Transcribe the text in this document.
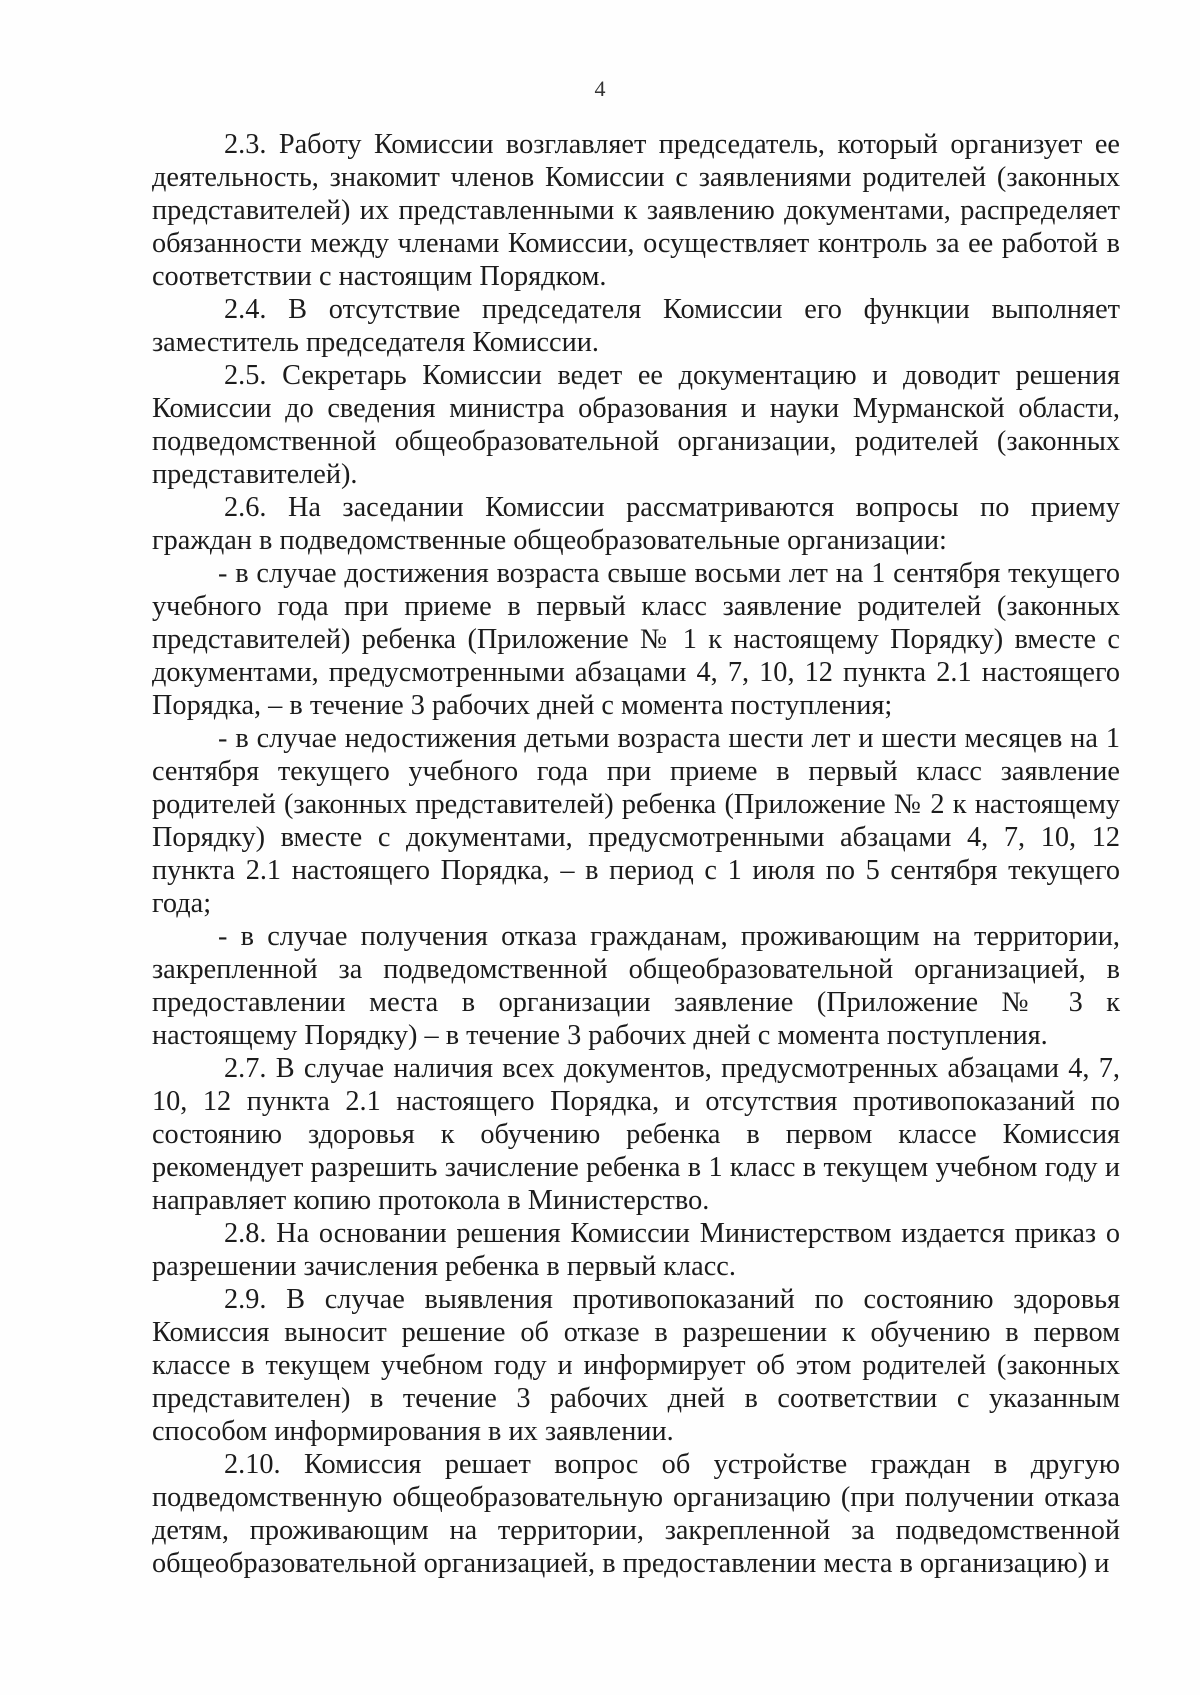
4

2.3. Работу Комиссии возглавляет председатель, который организует ее деятельность, знакомит членов Комиссии с заявлениями родителей (законных представителей) их представленными к заявлению документами, распределяет обязанности между членами Комиссии, осуществляет контроль за ее работой в соответствии с настоящим Порядком.

2.4. В отсутствие председателя Комиссии его функции выполняет заместитель председателя Комиссии.

2.5. Секретарь Комиссии ведет ее документацию и доводит решения Комиссии до сведения министра образования и науки Мурманской области, подведомственной общеобразовательной организации, родителей (законных представителей).

2.6. На заседании Комиссии рассматриваются вопросы по приему граждан в подведомственные общеобразовательные организации:

- в случае достижения возраста свыше восьми лет на 1 сентября текущего учебного года при приеме в первый класс заявление родителей (законных представителей) ребенка (Приложение № 1 к настоящему Порядку) вместе с документами, предусмотренными абзацами 4, 7, 10, 12 пункта 2.1 настоящего Порядка, – в течение 3 рабочих дней с момента поступления;

- в случае недостижения детьми возраста шести лет и шести месяцев на 1 сентября текущего учебного года при приеме в первый класс заявление родителей (законных представителей) ребенка (Приложение № 2 к настоящему Порядку) вместе с документами, предусмотренными абзацами 4, 7, 10, 12 пункта 2.1 настоящего Порядка, – в период с 1 июля по 5 сентября текущего года;

- в случае получения отказа гражданам, проживающим на территории, закрепленной за подведомственной общеобразовательной организацией, в предоставлении места в организации заявление (Приложение № 3 к настоящему Порядку) – в течение 3 рабочих дней с момента поступления.

2.7. В случае наличия всех документов, предусмотренных абзацами 4, 7, 10, 12 пункта 2.1 настоящего Порядка, и отсутствия противопоказаний по состоянию здоровья к обучению ребенка в первом классе Комиссия рекомендует разрешить зачисление ребенка в 1 класс в текущем учебном году и направляет копию протокола в Министерство.

2.8. На основании решения Комиссии Министерством издается приказ о разрешении зачисления ребенка в первый класс.

2.9. В случае выявления противопоказаний по состоянию здоровья Комиссия выносит решение об отказе в разрешении к обучению в первом классе в текущем учебном году и информирует об этом родителей (законных представителен) в течение 3 рабочих дней в соответствии с указанным способом информирования в их заявлении.

2.10. Комиссия решает вопрос об устройстве граждан в другую подведомственную общеобразовательную организацию (при получении отказа детям, проживающим на территории, закрепленной за подведомственной общеобразовательной организацией, в предоставлении места в организацию) и
